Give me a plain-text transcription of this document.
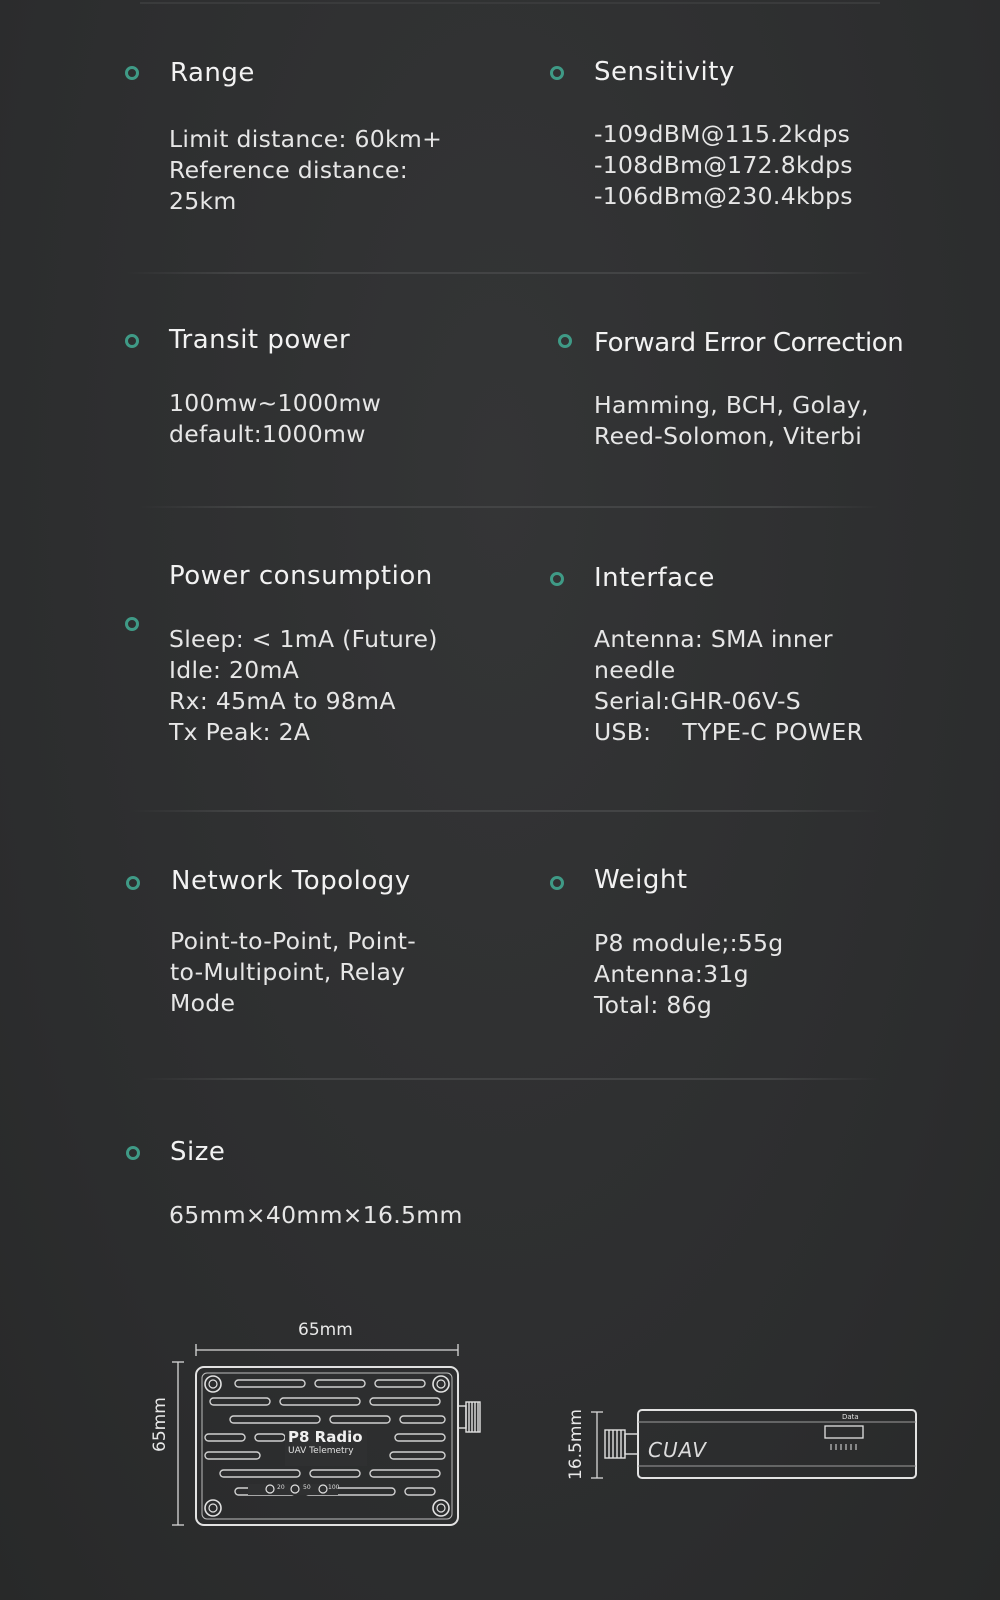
Range
Limit distance: 60km+
Reference distance:
25km
Sensitivity
-109dBM@115.2kdps
-108dBm@172.8kdps
-106dBm@230.4kbps
Transit power
100mw~1000mw
default:1000mw
Forward Error Correction
Hamming, BCH, Golay,
Reed-Solomon, Viterbi
Power consumption
Sleep: < 1mA (Future)
Idle: 20mA
Rx: 45mA to 98mA
Tx Peak: 2A
Interface
Antenna: SMA inner
needle
Serial:GHR-06V-S
USB:    TYPE-C POWER
Network Topology
Point-to-Point, Point-
to-Multipoint, Relay
Mode
Weight
P8 module;:55g
Antenna:31g
Total: 86g
Size
65mm×40mm×16.5mm
65mm
65mm	P8 Radio
UAV Telemetry
20	50	100
16.5mm	CUAV
Data
